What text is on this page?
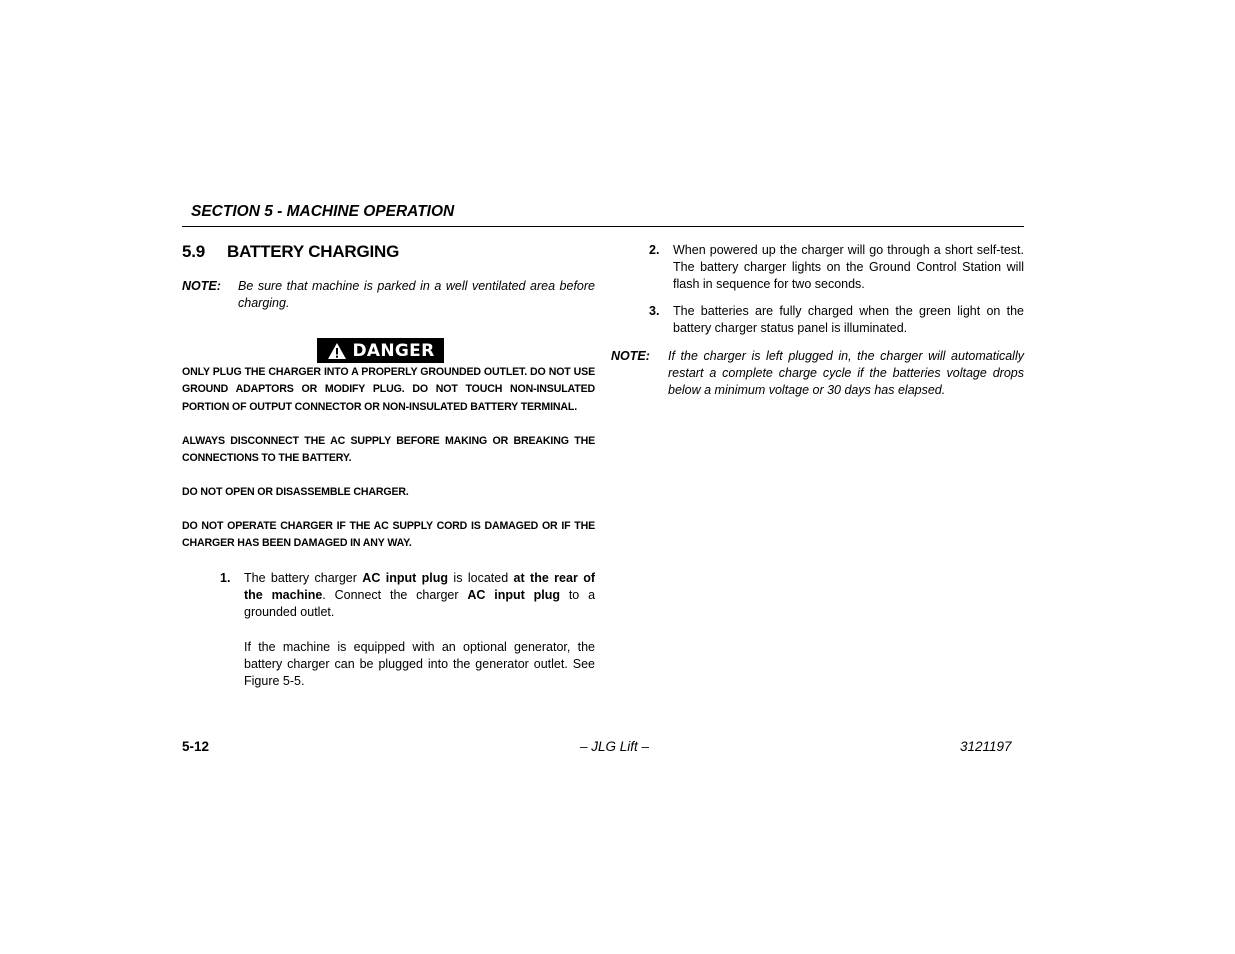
SECTION 5 - MACHINE OPERATION
5.9 BATTERY CHARGING
NOTE: Be sure that machine is parked in a well ventilated area before charging.
DANGER

ONLY PLUG THE CHARGER INTO A PROPERLY GROUNDED OUTLET. DO NOT USE GROUND ADAPTORS OR MODIFY PLUG. DO NOT TOUCH NON-INSULATED PORTION OF OUTPUT CONNECTOR OR NON-INSULATED BATTERY TERMINAL.

ALWAYS DISCONNECT THE AC SUPPLY BEFORE MAKING OR BREAKING THE CONNECTIONS TO THE BATTERY.

DO NOT OPEN OR DISASSEMBLE CHARGER.

DO NOT OPERATE CHARGER IF THE AC SUPPLY CORD IS DAMAGED OR IF THE CHARGER HAS BEEN DAMAGED IN ANY WAY.

1. The battery charger AC input plug is located at the rear of the machine. Connect the charger AC input plug to a grounded outlet.
If the machine is equipped with an optional generator, the battery charger can be plugged into the generator outlet. See Figure 5-5.
2. When powered up the charger will go through a short self-test. The battery charger lights on the Ground Control Station will flash in sequence for two seconds.
3. The batteries are fully charged when the green light on the battery charger status panel is illuminated.
NOTE: If the charger is left plugged in, the charger will automatically restart a complete charge cycle if the batteries voltage drops below a minimum voltage or 30 days has elapsed.
5-12	– JLG Lift –	3121197
